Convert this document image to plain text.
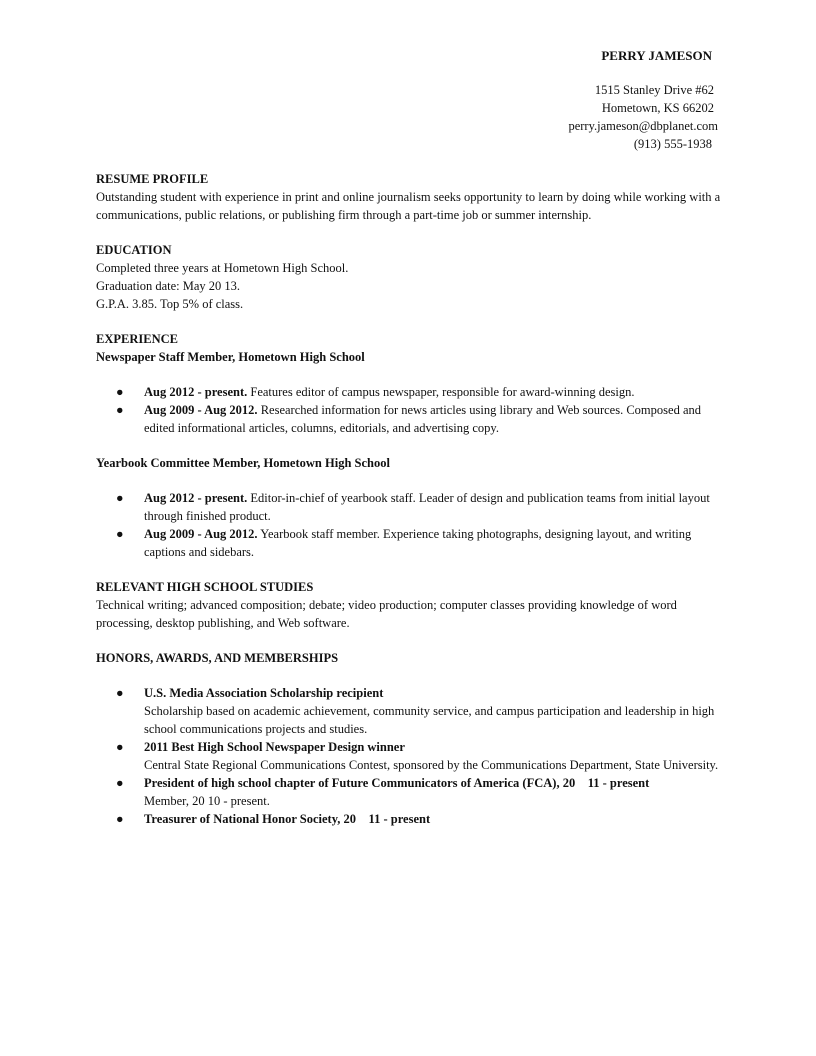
PERRY JAMESON
1515 Stanley Drive #62
Hometown, KS 66202
perry.jameson@dbplanet.com
(913) 555-1938
RESUME PROFILE

Outstanding student with experience in print and online journalism seeks opportunity to learn by doing while working with a communications, public relations, or publishing firm through a part-time job or summer internship.

EDUCATION

Completed three years at Hometown High School.

Graduation date: May 20 13.

G.P.A. 3.85. Top 5% of class.

EXPERIENCE
Newspaper Staff Member, Hometown High School
● Aug 2012 - present. Features editor of campus newspaper, responsible for award-winning design.
● Aug 2009 - Aug 2012. Researched information for news articles using library and Web sources. Composed and edited informational articles, columns, editorials, and advertising copy.
Yearbook Committee Member, Hometown High School
● Aug 2012 - present. Editor-in-chief of yearbook staff. Leader of design and publication teams from initial layout through finished product.
● Aug 2009 - Aug 2012. Yearbook staff member. Experience taking photographs, designing layout, and writing captions and sidebars.
RELEVANT HIGH SCHOOL STUDIES

Technical writing; advanced composition; debate; video production; computer classes providing knowledge of word processing, desktop publishing, and Web software.

HONORS, AWARDS, AND MEMBERSHIPS
● U.S. Media Association Scholarship recipient
Scholarship based on academic achievement, community service, and campus participation and leadership in high school communications projects and studies.
● 2011 Best High School Newspaper Design winner
Central State Regional Communications Contest, sponsored by the Communications Department, State University.
● President of high school chapter of Future Communicators of America (FCA), 20    11 - present
Member, 20 10 - present.
● Treasurer of National Honor Society, 20    11 - present
